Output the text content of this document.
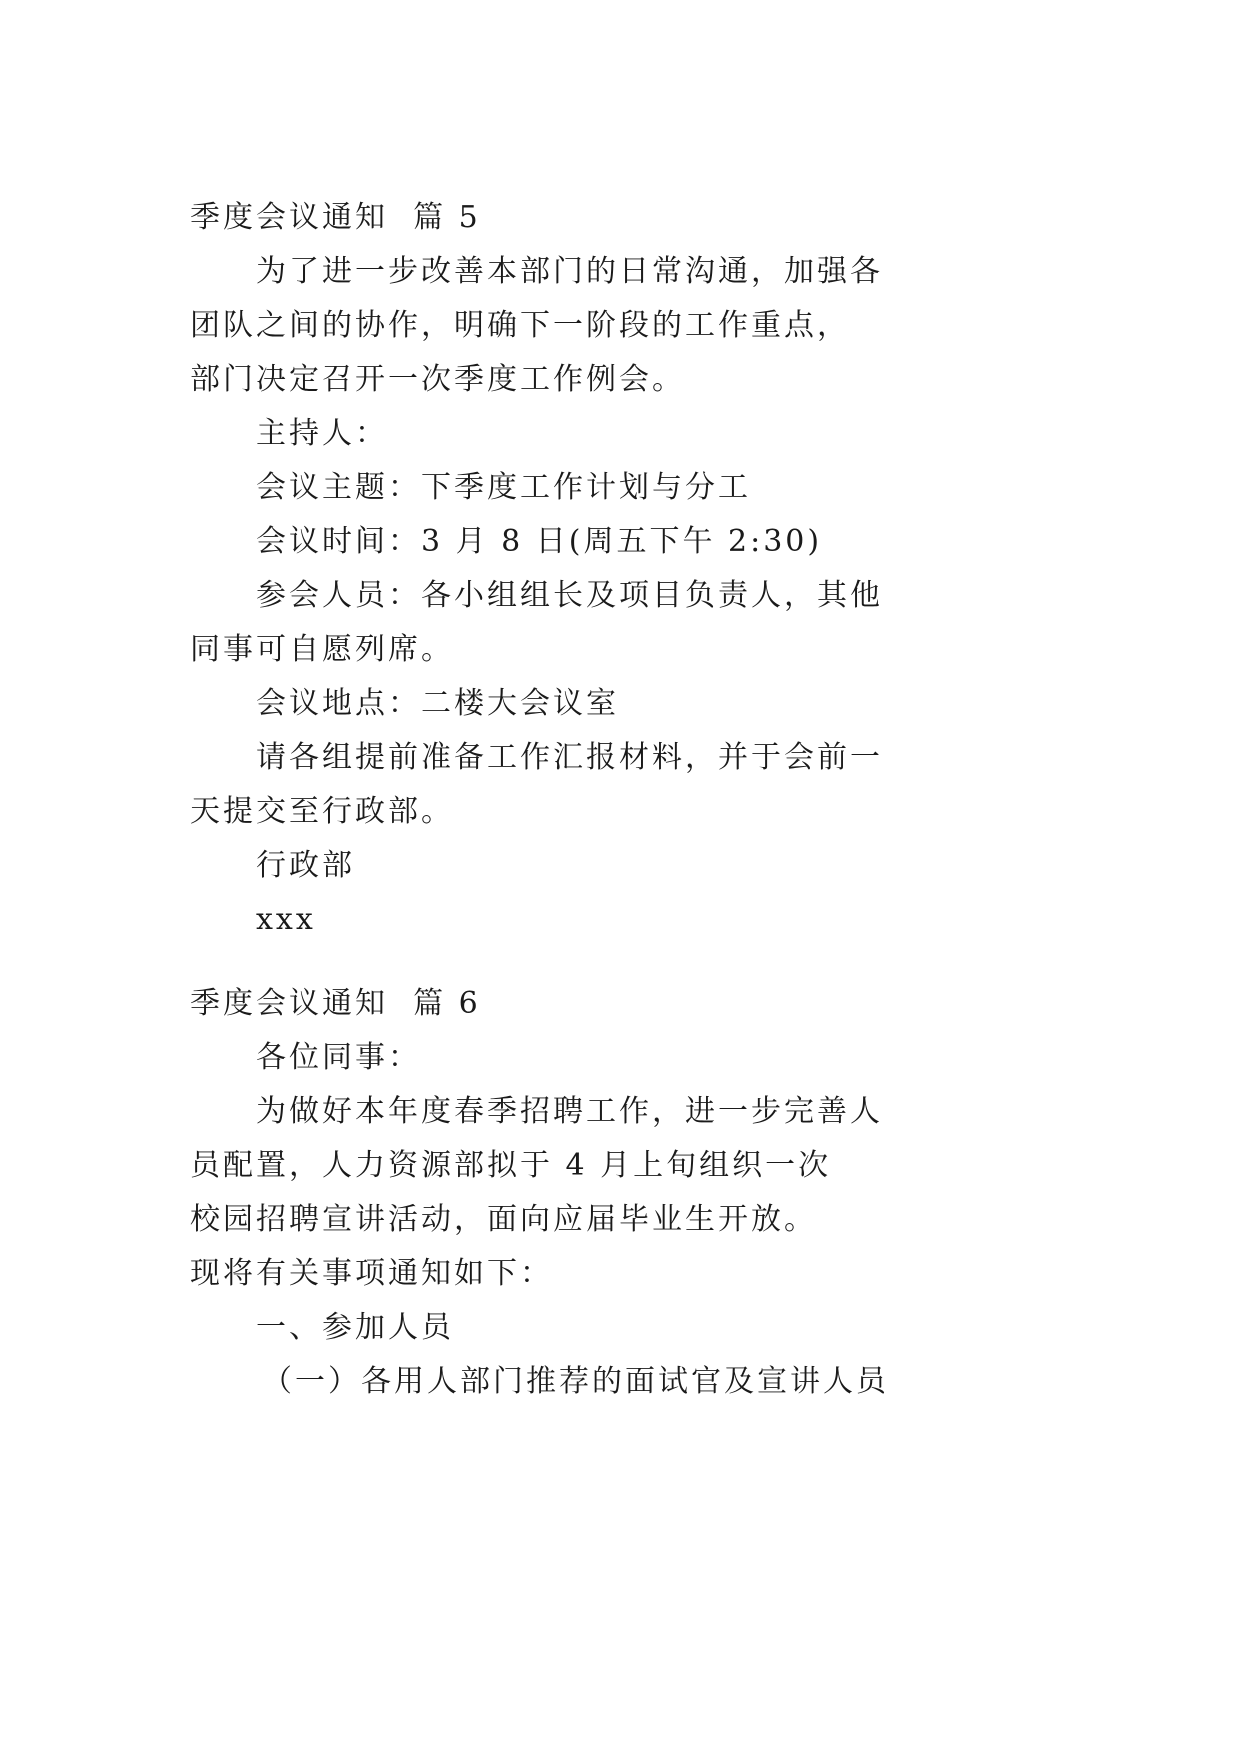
季度会议通知  篇 5

为了进一步改善本部门的日常沟通，加强各

团队之间的协作，明确下一阶段的工作重点，

部门决定召开一次季度工作例会。

主持人：

会议主题：下季度工作计划与分工

会议时间：3 月 8 日(周五下午 2:30)

参会人员：各小组组长及项目负责人，其他

同事可自愿列席。

会议地点：二楼大会议室

请各组提前准备工作汇报材料，并于会前一

天提交至行政部。

行政部

xxx

季度会议通知  篇 6

各位同事：

为做好本年度春季招聘工作，进一步完善人

员配置，人力资源部拟于 4 月上旬组织一次

校园招聘宣讲活动，面向应届毕业生开放。

现将有关事项通知如下：

一、参加人员

（一）各用人部门推荐的面试官及宣讲人员
